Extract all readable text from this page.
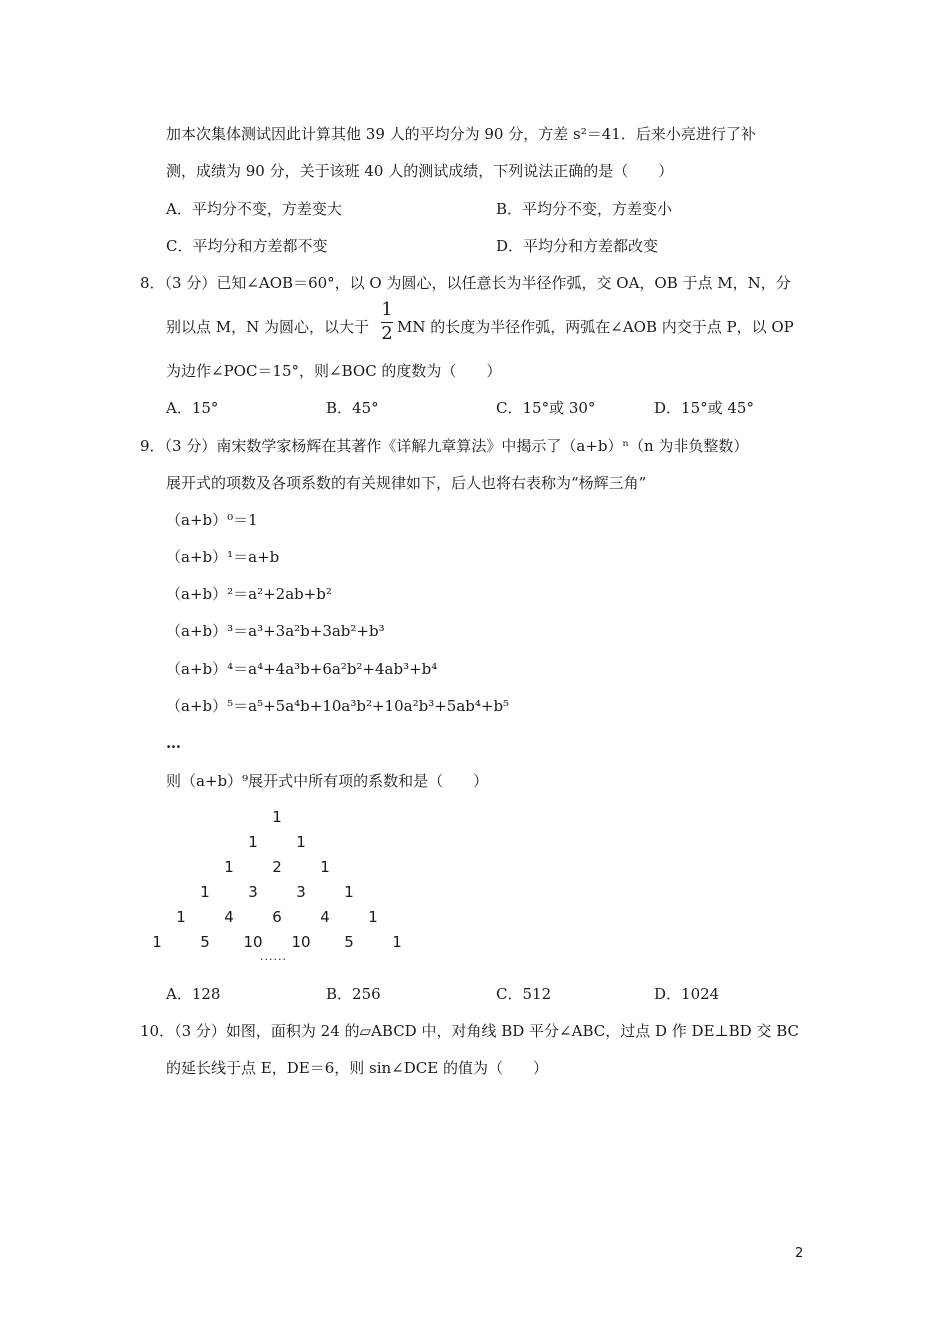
加本次集体测试因此计算其他 39 人的平均分为 90 分，方差 s²＝41．后来小亮进行了补
测，成绩为 90 分，关于该班 40 人的测试成绩，下列说法正确的是（　　）
A．平均分不变，方差变大	B．平均分不变，方差变小
C．平均分和方差都不变	D．平均分和方差都改变
8．（3 分）已知∠AOB＝60°，以 O 为圆心，以任意长为半径作弧，交 OA，OB 于点 M，N，分
别以点 M，N 为圆心，以大于
1
2 MN 的长度为半径作弧，两弧在∠AOB 内交于点 P，以 OP
为边作∠POC＝15°，则∠BOC 的度数为（　　）
A．15°	B．45°	C．15°或 30°	D．15°或 45°
9．（3 分）南宋数学家杨辉在其著作《详解九章算法》中揭示了（a+b）ⁿ（n 为非负整数）
展开式的项数及各项系数的有关规律如下，后人也将右表称为“杨辉三角”
（a+b）⁰＝1
（a+b）¹＝a+b
（a+b）²＝a²+2ab+b²
（a+b）³＝a³+3a²b+3ab²+b³
（a+b）⁴＝a⁴+4a³b+6a²b²+4ab³+b⁴
（a+b）⁵＝a⁵+5a⁴b+10a³b²+10a²b³+5ab⁴+b⁵
…
则（a+b）⁹展开式中所有项的系数和是（　　）
1
1	1
1	2	1
1	3	3	1
1	4	6	4	1
1	5	10	10	5	1
......
A．128	B．256	C．512	D．1024
10．（3 分）如图，面积为 24 的▱ABCD 中，对角线 BD 平分∠ABC，过点 D 作 DE⊥BD 交 BC
的延长线于点 E，DE＝6，则 sin∠DCE 的值为（　　）
2
